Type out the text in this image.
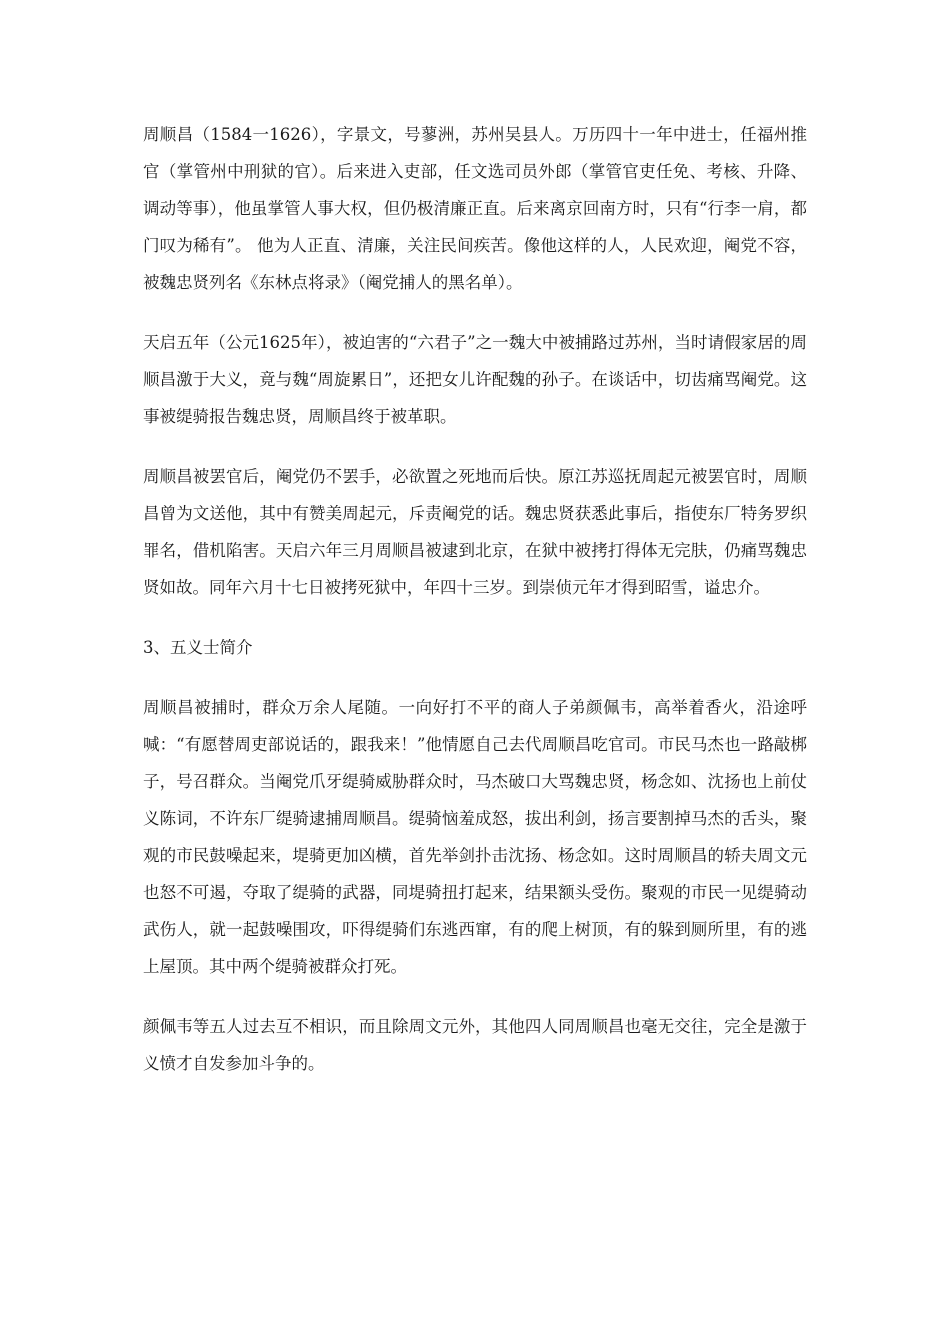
周顺昌（1584一1626），字景文，号蓼洲，苏州吴县人。万历四十一年中进士，任福州推官（掌管州中刑狱的官）。后来进入吏部，任文选司员外郎（掌管官吏任免、考核、升降、调动等事），他虽掌管人事大权，但仍极清廉正直。后来离京回南方时，只有“行李一肩，都门叹为稀有”。 他为人正直、清廉，关注民间疾苦。像他这样的人，人民欢迎，阉党不容，被魏忠贤列名《东林点将录》（阉党捕人的黑名单）。

天启五年（公元1625年），被迫害的“六君子”之一魏大中被捕路过苏州，当时请假家居的周顺昌激于大义，竟与魏“周旋累日”，还把女儿许配魏的孙子。在谈话中，切齿痛骂阉党。这事被缇骑报告魏忠贤，周顺昌终于被革职。

周顺昌被罢官后，阉党仍不罢手，必欲置之死地而后快。原江苏巡抚周起元被罢官时，周顺昌曾为文送他，其中有赞美周起元，斥责阉党的话。魏忠贤获悉此事后，指使东厂特务罗织罪名，借机陷害。天启六年三月周顺昌被逮到北京，在狱中被拷打得体无完肤，仍痛骂魏忠贤如故。同年六月十七日被拷死狱中，年四十三岁。到崇侦元年才得到昭雪，谥忠介。

3、五义士简介

周顺昌被捕时，群众万余人尾随。一向好打不平的商人子弟颜佩韦，高举着香火，沿途呼喊：“有愿替周吏部说话的，跟我来！”他情愿自己去代周顺昌吃官司。市民马杰也一路敲梆子，号召群众。当阉党爪牙缇骑威胁群众时，马杰破口大骂魏忠贤，杨念如、沈扬也上前仗义陈词，不许东厂缇骑逮捕周顺昌。缇骑恼羞成怒，拔出利剑，扬言要割掉马杰的舌头，聚观的市民鼓噪起来，堤骑更加凶横，首先举剑扑击沈扬、杨念如。这时周顺昌的轿夫周文元也怒不可遏，夺取了缇骑的武器，同堤骑扭打起来，结果额头受伤。聚观的市民一见缇骑动武伤人，就一起鼓噪围攻，吓得缇骑们东逃西窜，有的爬上树顶，有的躲到厕所里，有的逃上屋顶。其中两个缇骑被群众打死。

颜佩韦等五人过去互不相识，而且除周文元外，其他四人同周顺昌也毫无交往，完全是激于义愤才自发参加斗争的。
